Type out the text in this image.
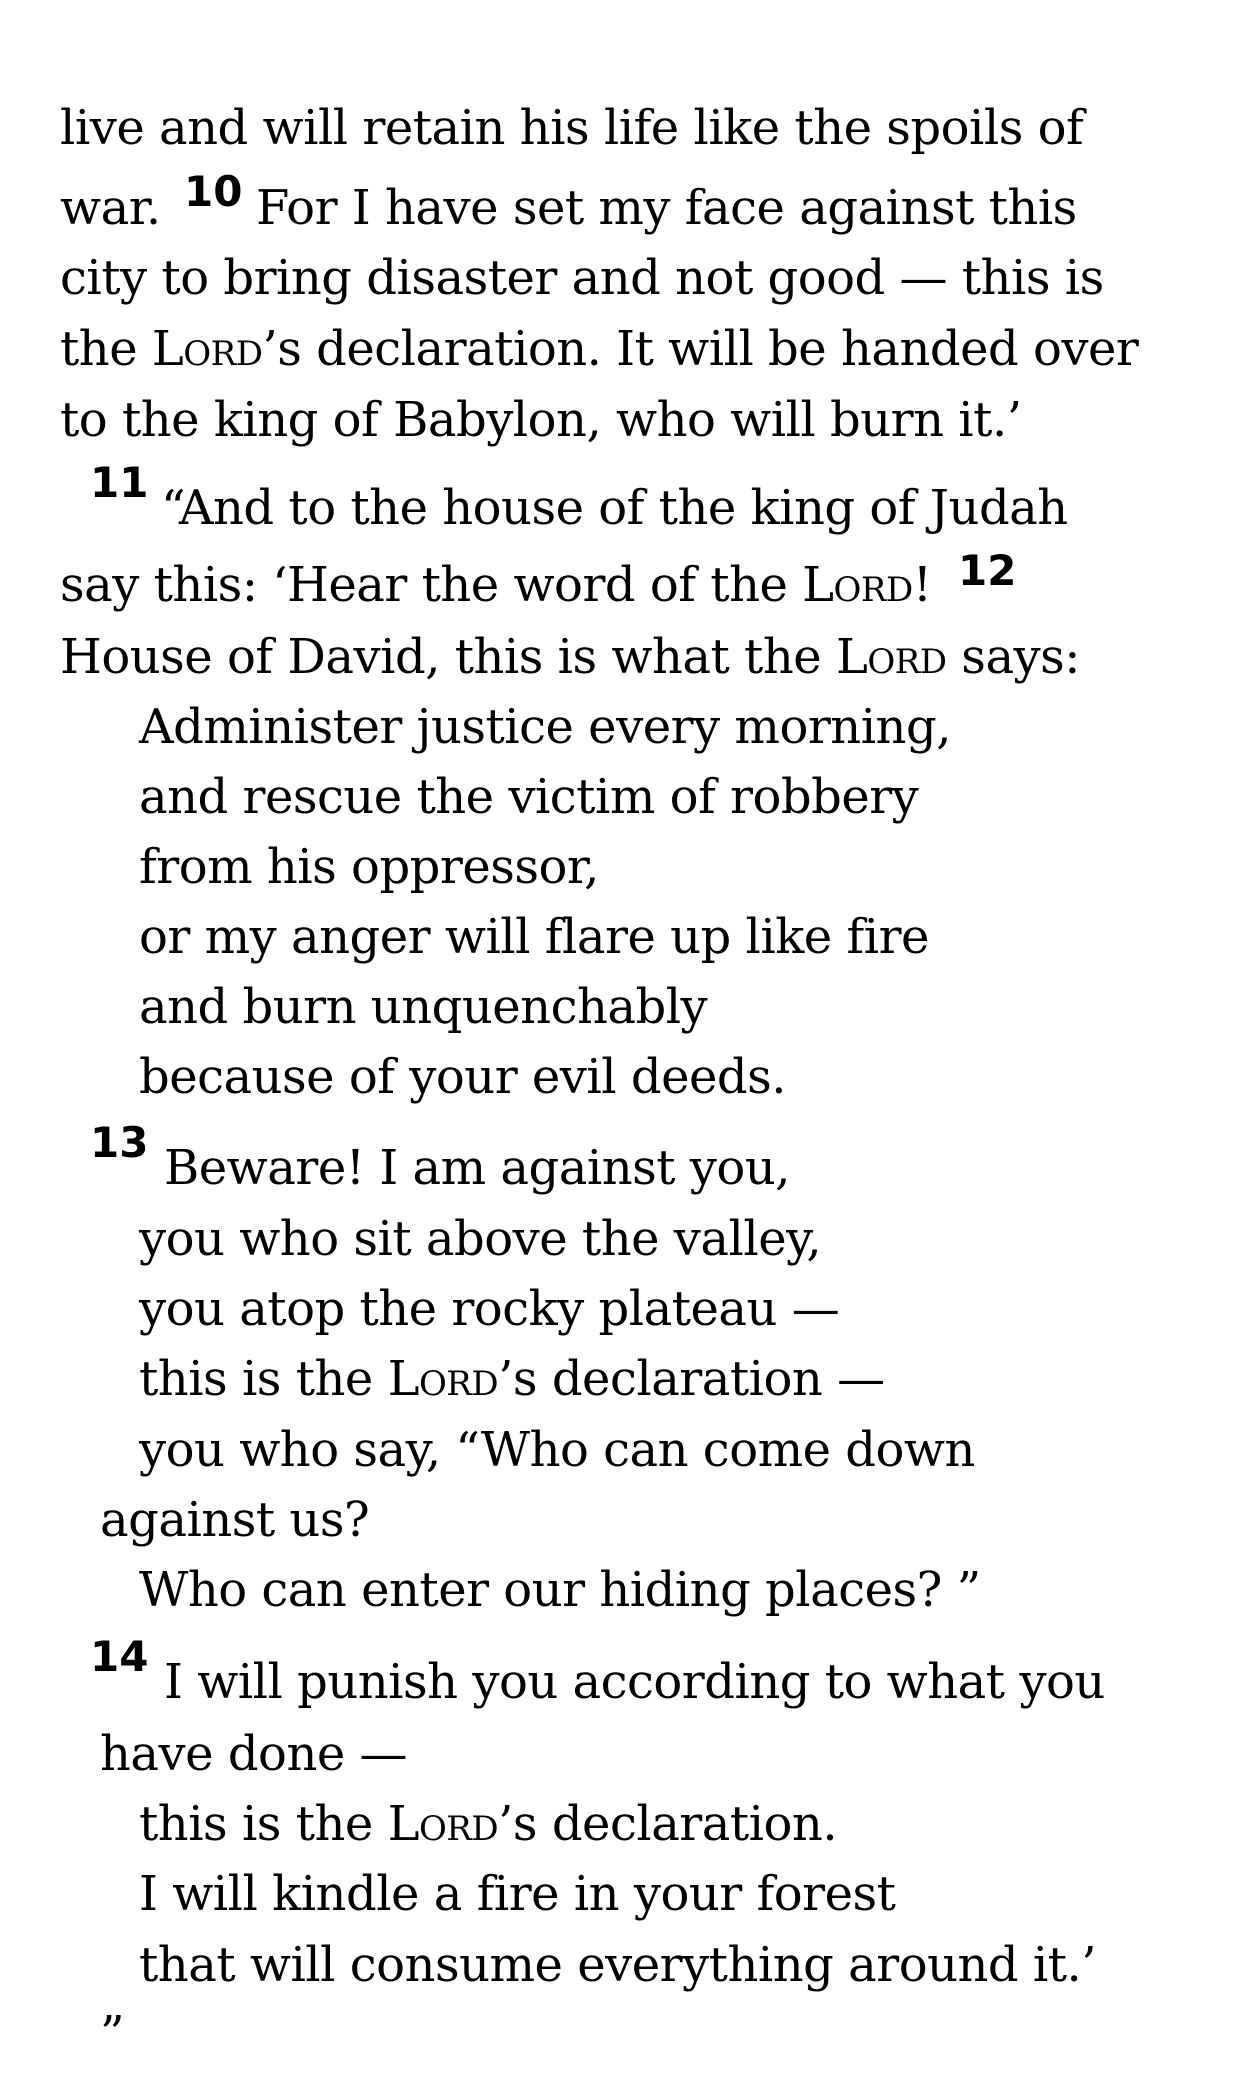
live and will retain his life like the spoils of
war. 10 For I have set my face against this
city to bring disaster and not good — this is
the Lord’s declaration. It will be handed over
to the king of Babylon, who will burn it.’
11 “And to the house of the king of Judah
say this: ‘Hear the word of the Lord! 12
House of David, this is what the Lord says:
Administer justice every morning,
and rescue the victim of robbery
from his oppressor,
or my anger will flare up like fire
and burn unquenchably
because of your evil deeds.
13 Beware! I am against you,
you who sit above the valley,
you atop the rocky plateau —
this is the Lord’s declaration —
you who say, “Who can come down
against us?
Who can enter our hiding places? ”
14 I will punish you according to what you
have done —
this is the Lord’s declaration.
I will kindle a fire in your forest
that will consume everything around it.’
”
